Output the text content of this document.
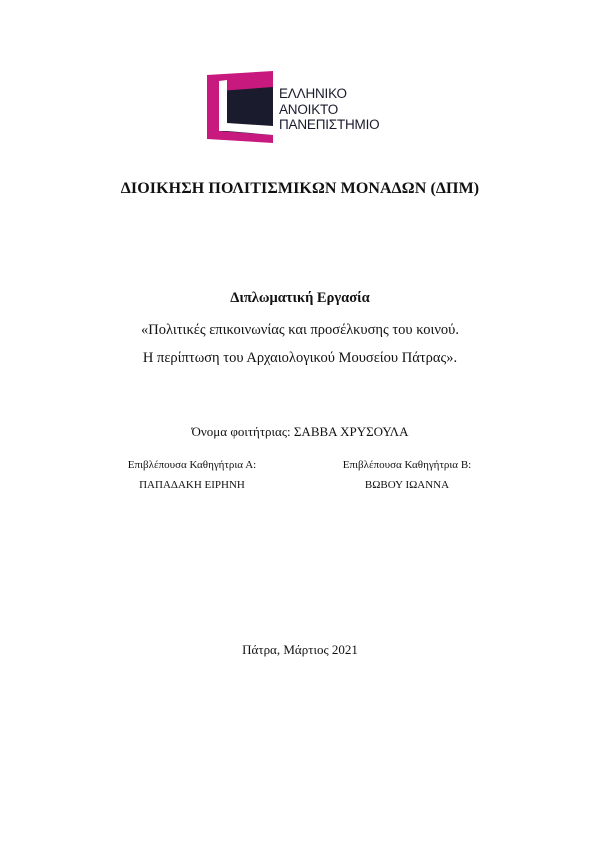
ΕΛΛΗΝΙΚΟ
ΑΝΟΙΚΤΟ
ΠΑΝΕΠΙΣΤΗΜΙΟ
ΔΙΟΙΚΗΣΗ ΠΟΛΙΤΙΣΜΙΚΩΝ ΜΟΝΑΔΩΝ (ΔΠΜ)
Διπλωματική Εργασία
«Πολιτικές επικοινωνίας και προσέλκυσης του κοινού.
Η περίπτωση του Αρχαιολογικού Μουσείου Πάτρας».
Όνομα φοιτήτριας: ΣΑΒΒΑ ΧΡΥΣΟΥΛΑ
Επιβλέπουσα Καθηγήτρια Α:
ΠΑΠΑΔΑΚΗ ΕΙΡΗΝΗ
Επιβλέπουσα Καθηγήτρια Β:
ΒΩΒΟΥ ΙΩΑΝΝΑ
Πάτρα, Μάρτιος 2021
